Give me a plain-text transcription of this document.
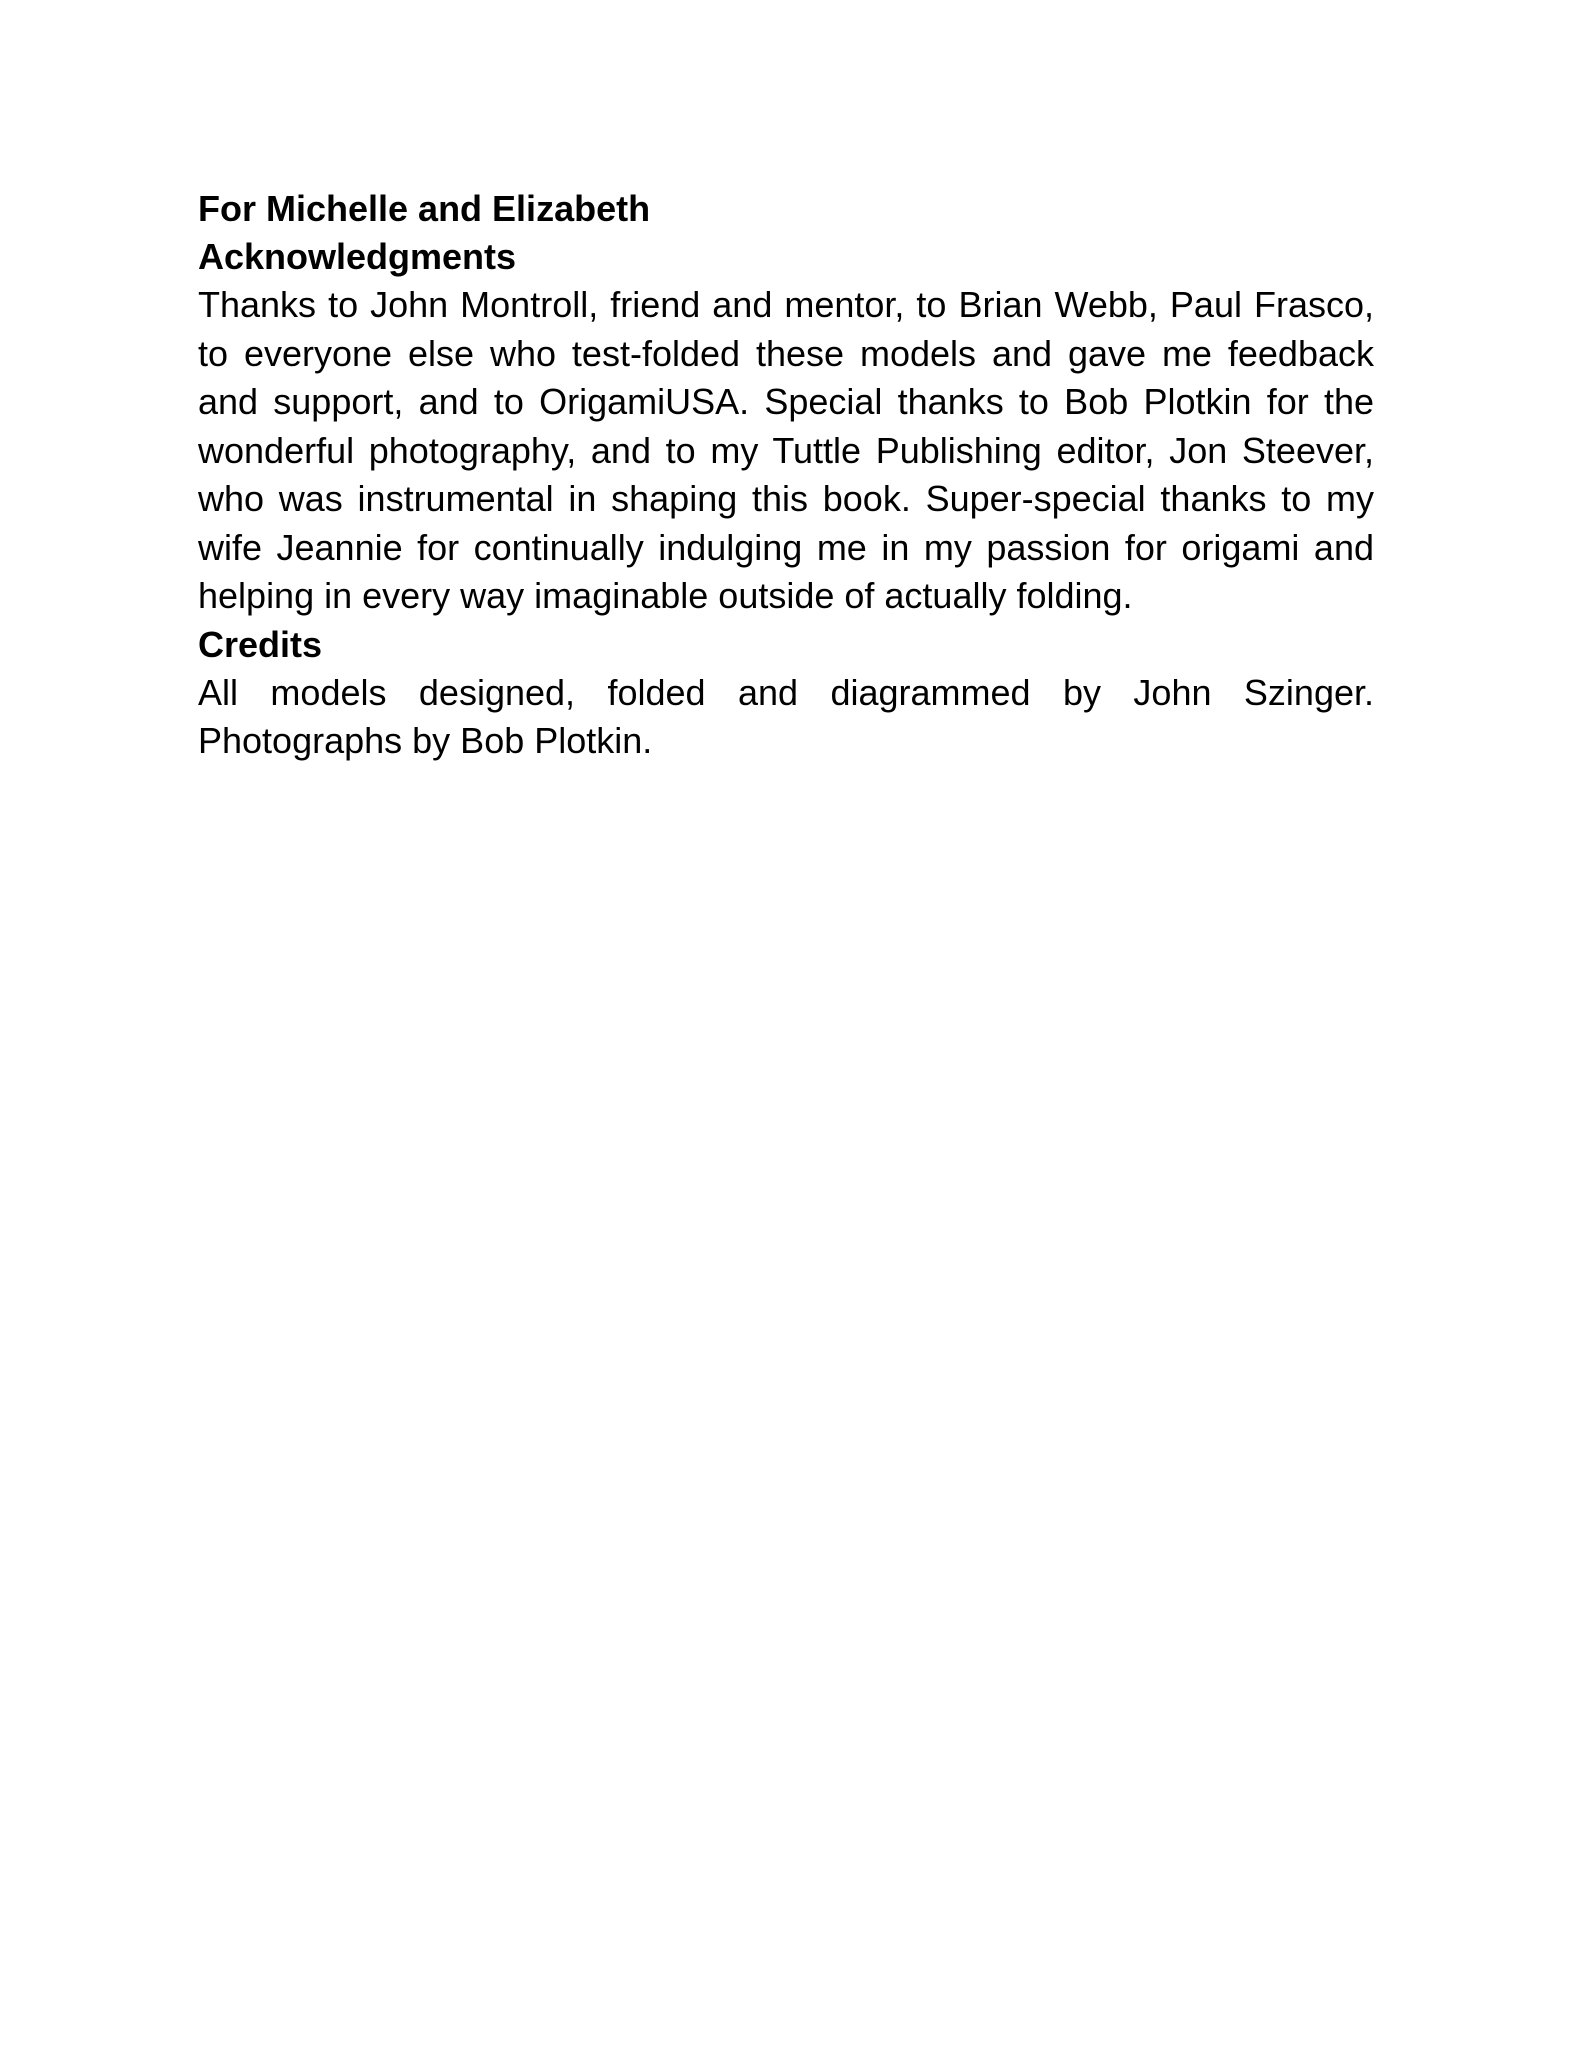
For Michelle and Elizabeth

Acknowledgments

Thanks to John Montroll, friend and mentor, to Brian Webb, Paul Frasco, to everyone else who test-folded these models and gave me feedback and support, and to OrigamiUSA. Special thanks to Bob Plotkin for the wonderful photography, and to my Tuttle Publishing editor, Jon Steever, who was instrumental in shaping this book. Super-special thanks to my wife Jeannie for continually indulging me in my passion for origami and helping in every way imaginable outside of actually folding.

Credits

All models designed, folded and diagrammed by John Szinger. Photographs by Bob Plotkin.
